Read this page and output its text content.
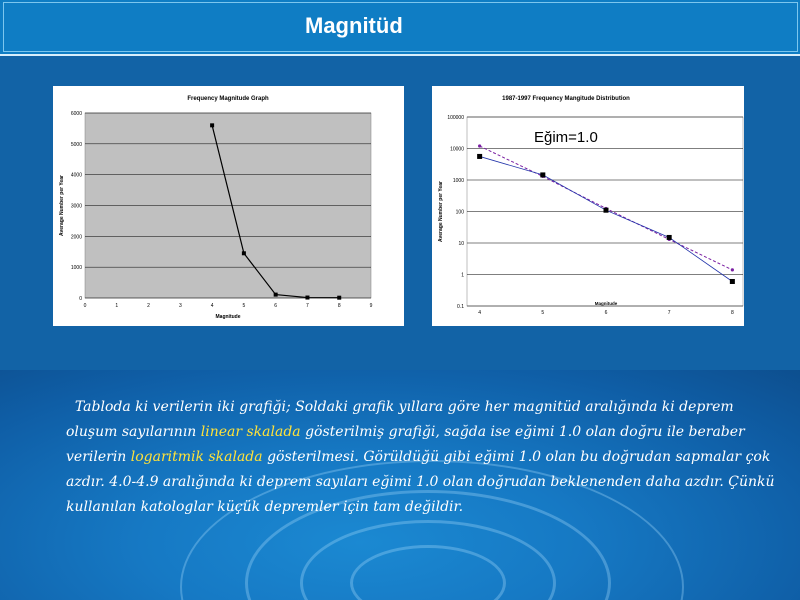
Magnitüd
Frequency Magnitude Graph
0
1000
2000
3000
4000
5000
6000
0	1	2	3	4	5	6	7	8	9
Magnitude
Average Number per Year
1987-1997 Frequency Mangitude Distribution
100000
10000
1000
100
10
1
0.1
4	5	6	7	8
Magnitude
Average Number per Year
Eğim=1.0
Tabloda ki verilerin iki grafiği; Soldaki grafik yıllara göre her magnitüd aralığında ki deprem oluşum sayılarının linear skalada gösterilmiş grafiği, sağda ise eğimi 1.0 olan doğru ile beraber verilerin logaritmik skalada gösterilmesi. Görüldüğü gibi eğimi 1.0 olan bu doğrudan sapmalar çok azdır. 4.0-4.9 aralığında ki deprem sayıları eğimi 1.0 olan doğrudan beklenenden daha azdır. Çünkü kullanılan katologlar küçük depremler için tam değildir.
